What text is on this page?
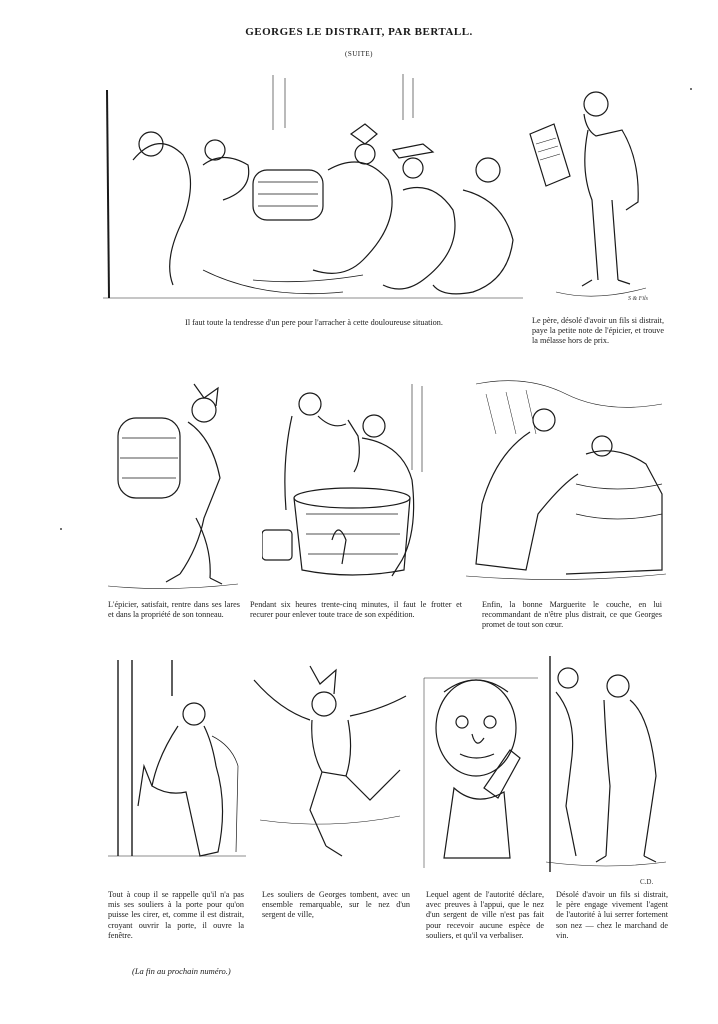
GEORGES LE DISTRAIT, PAR BERTALL.
(SUITE)
Il faut toute la tendresse d'un pere pour l'arracher à cette douloureuse situation.
S & Fils
Le père, désolé d'avoir un fils si distrait, paye la petite note de l'épicier, et trouve la mélasse hors de prix.
L'épicier, satisfait, rentre dans ses lares et dans la propriété de son tonneau.
Pendant six heures trente-cinq minutes, il faut le frotter et recurer pour enlever toute trace de son expédition.
Enfin, la bonne Marguerite le couche, en lui recommandant de n'être plus distrait, ce que Georges promet de tout son cœur.
C.D.
Tout à coup il se rappelle qu'il n'a pas mis ses souliers à la porte pour qu'on puisse les cirer, et, comme il est distrait, croyant ouvrir la porte, il ouvre la fenêtre.
Les souliers de Georges tombent, avec un ensemble remarquable, sur le nez d'un sergent de ville,
Lequel agent de l'autorité déclare, avec preuves à l'appui, que le nez d'un sergent de ville n'est pas fait pour recevoir aucune espèce de souliers, et qu'il va verbaliser.
Désolé d'avoir un fils si distrait, le père engage vivement l'agent de l'autorité à lui serrer fortement son nez — chez le marchand de vin.
(La fin au prochain numéro.)
